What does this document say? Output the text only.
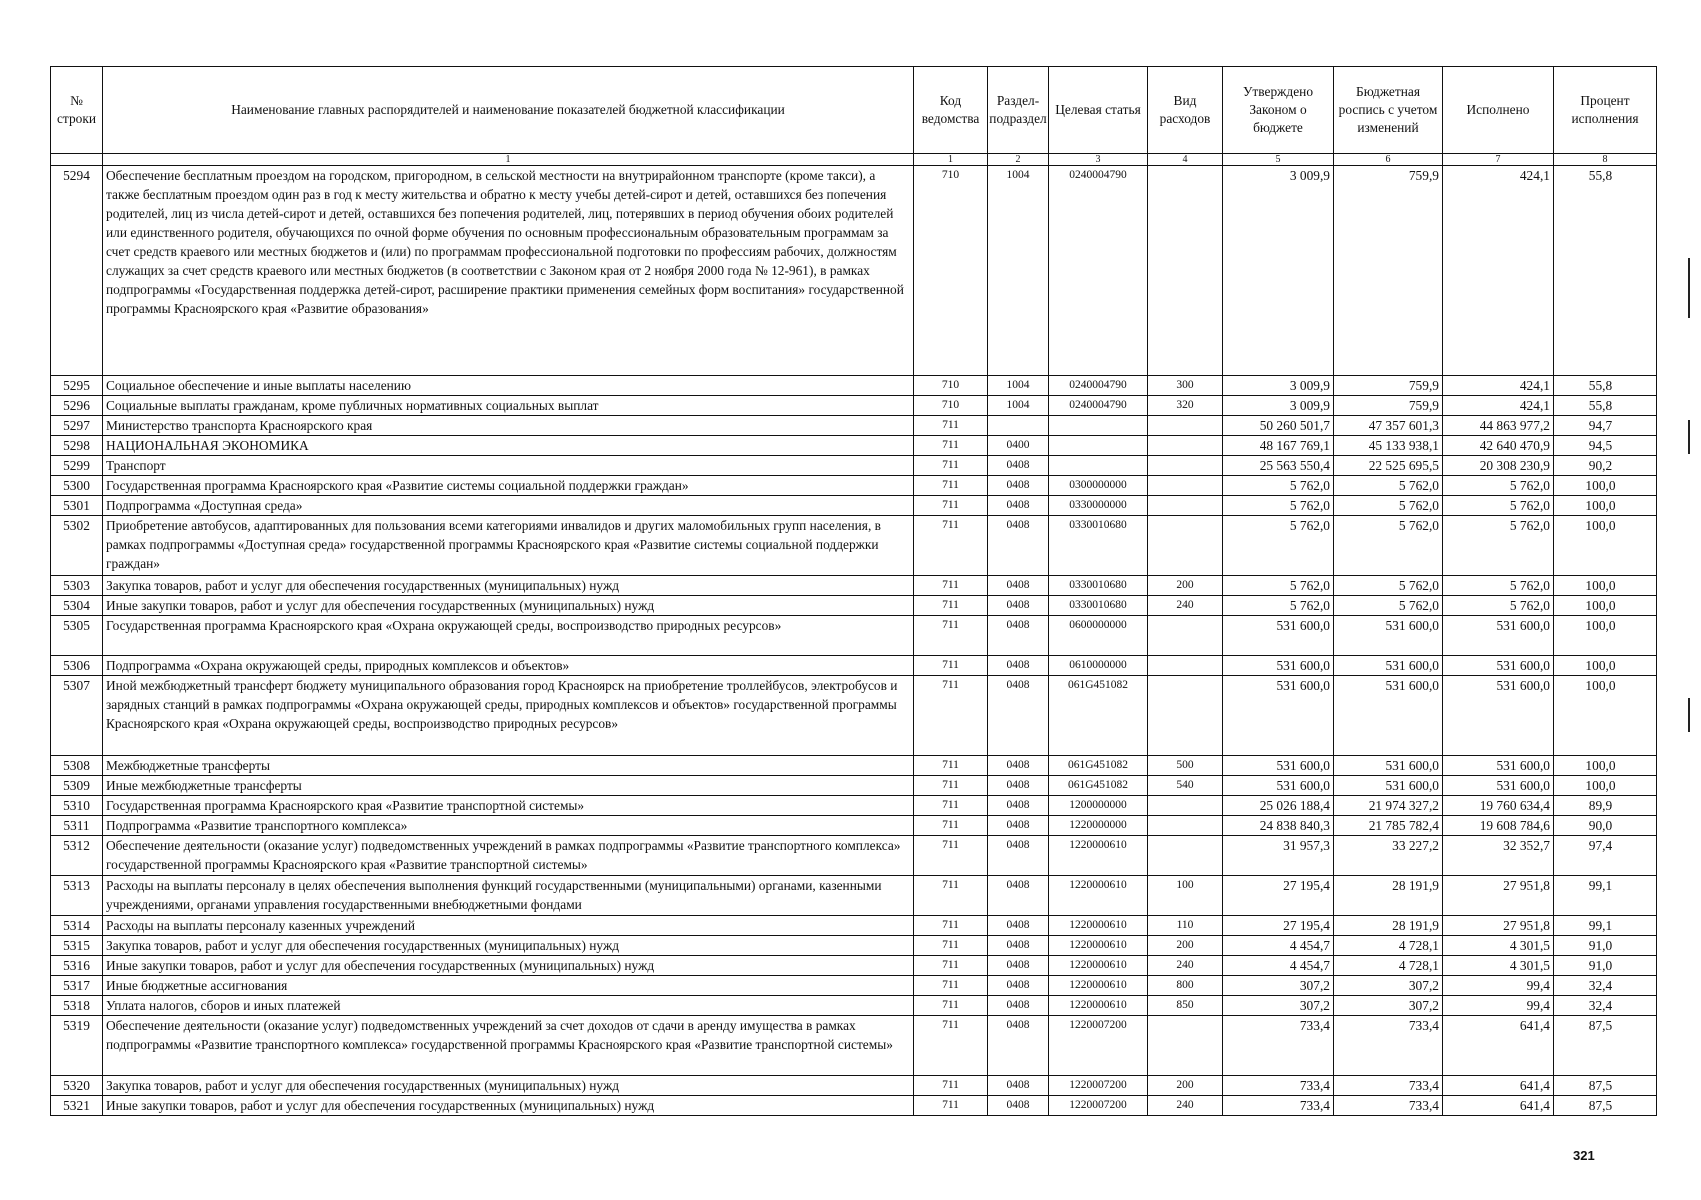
№ строки	Наименование главных распорядителей и наименование показателей бюджетной классификации	Код ведомства	Раздел-подраздел	Целевая статья	Вид расходов	Утверждено Законом о бюджете	Бюджетная роспись с учетом изменений	Исполнено	Процент исполнения
	1	1	2	3	4	5	6	7	8
5294	Обеспечение бесплатным проездом на городском, пригородном, в сельской местности на внутрирайонном транспорте (кроме такси), а также бесплатным проездом один раз в год к месту жительства и обратно к месту учебы детей-сирот и детей, оставшихся без попечения родителей, лиц из числа детей-сирот и детей, оставшихся без попечения родителей, лиц, потерявших в период обучения обоих родителей или единственного родителя, обучающихся по очной форме обучения по основным профессиональным образовательным программам за счет средств краевого или местных бюджетов и (или) по программам профессиональной подготовки по профессиям рабочих, должностям служащих за счет средств краевого или местных бюджетов (в соответствии с Законом края от 2 ноября 2000 года № 12-961), в рамках подпрограммы «Государственная поддержка детей-сирот, расширение практики применения семейных форм воспитания» государственной программы Красноярского края «Развитие образования»	710	1004	0240004790		3 009,9	759,9	424,1	55,8
5295	Социальное обеспечение и иные выплаты населению	710	1004	0240004790	300	3 009,9	759,9	424,1	55,8
5296	Социальные выплаты гражданам, кроме публичных нормативных социальных выплат	710	1004	0240004790	320	3 009,9	759,9	424,1	55,8
5297	Министерство транспорта Красноярского края	711				50 260 501,7	47 357 601,3	44 863 977,2	94,7
5298	НАЦИОНАЛЬНАЯ ЭКОНОМИКА	711	0400			48 167 769,1	45 133 938,1	42 640 470,9	94,5
5299	Транспорт	711	0408			25 563 550,4	22 525 695,5	20 308 230,9	90,2
5300	Государственная программа Красноярского края «Развитие системы социальной поддержки граждан»	711	0408	0300000000		5 762,0	5 762,0	5 762,0	100,0
5301	Подпрограмма «Доступная среда»	711	0408	0330000000		5 762,0	5 762,0	5 762,0	100,0
5302	Приобретение автобусов, адаптированных для пользования всеми категориями инвалидов и других маломобильных групп населения, в рамках подпрограммы «Доступная среда» государственной программы Красноярского края «Развитие системы социальной поддержки граждан»	711	0408	0330010680		5 762,0	5 762,0	5 762,0	100,0
5303	Закупка товаров, работ и услуг для обеспечения государственных (муниципальных) нужд	711	0408	0330010680	200	5 762,0	5 762,0	5 762,0	100,0
5304	Иные закупки товаров, работ и услуг для обеспечения государственных (муниципальных) нужд	711	0408	0330010680	240	5 762,0	5 762,0	5 762,0	100,0
5305	Государственная программа Красноярского края «Охрана окружающей среды, воспроизводство природных ресурсов»	711	0408	0600000000		531 600,0	531 600,0	531 600,0	100,0
5306	Подпрограмма «Охрана окружающей среды, природных комплексов и объектов»	711	0408	0610000000		531 600,0	531 600,0	531 600,0	100,0
5307	Иной межбюджетный трансферт бюджету муниципального образования город Красноярск на приобретение троллейбусов, электробусов и зарядных станций в рамках подпрограммы «Охрана окружающей среды, природных комплексов и объектов» государственной программы Красноярского края «Охрана окружающей среды, воспроизводство природных ресурсов»	711	0408	061G451082		531 600,0	531 600,0	531 600,0	100,0
5308	Межбюджетные трансферты	711	0408	061G451082	500	531 600,0	531 600,0	531 600,0	100,0
5309	Иные межбюджетные трансферты	711	0408	061G451082	540	531 600,0	531 600,0	531 600,0	100,0
5310	Государственная программа Красноярского края «Развитие транспортной системы»	711	0408	1200000000		25 026 188,4	21 974 327,2	19 760 634,4	89,9
5311	Подпрограмма «Развитие транспортного комплекса»	711	0408	1220000000		24 838 840,3	21 785 782,4	19 608 784,6	90,0
5312	Обеспечение деятельности (оказание услуг) подведомственных учреждений в рамках подпрограммы «Развитие транспортного комплекса» государственной программы Красноярского края «Развитие транспортной системы»	711	0408	1220000610		31 957,3	33 227,2	32 352,7	97,4
5313	Расходы на выплаты персоналу в целях обеспечения выполнения функций государственными (муниципальными) органами, казенными учреждениями, органами управления государственными внебюджетными фондами	711	0408	1220000610	100	27 195,4	28 191,9	27 951,8	99,1
5314	Расходы на выплаты персоналу казенных учреждений	711	0408	1220000610	110	27 195,4	28 191,9	27 951,8	99,1
5315	Закупка товаров, работ и услуг для обеспечения государственных (муниципальных) нужд	711	0408	1220000610	200	4 454,7	4 728,1	4 301,5	91,0
5316	Иные закупки товаров, работ и услуг для обеспечения государственных (муниципальных) нужд	711	0408	1220000610	240	4 454,7	4 728,1	4 301,5	91,0
5317	Иные бюджетные ассигнования	711	0408	1220000610	800	307,2	307,2	99,4	32,4
5318	Уплата налогов, сборов и иных платежей	711	0408	1220000610	850	307,2	307,2	99,4	32,4
5319	Обеспечение деятельности (оказание услуг) подведомственных учреждений за счет доходов от сдачи в аренду имущества в рамках подпрограммы «Развитие транспортного комплекса» государственной программы Красноярского края «Развитие транспортной системы»	711	0408	1220007200		733,4	733,4	641,4	87,5
5320	Закупка товаров, работ и услуг для обеспечения государственных (муниципальных) нужд	711	0408	1220007200	200	733,4	733,4	641,4	87,5
5321	Иные закупки товаров, работ и услуг для обеспечения государственных (муниципальных) нужд	711	0408	1220007200	240	733,4	733,4	641,4	87,5
321
